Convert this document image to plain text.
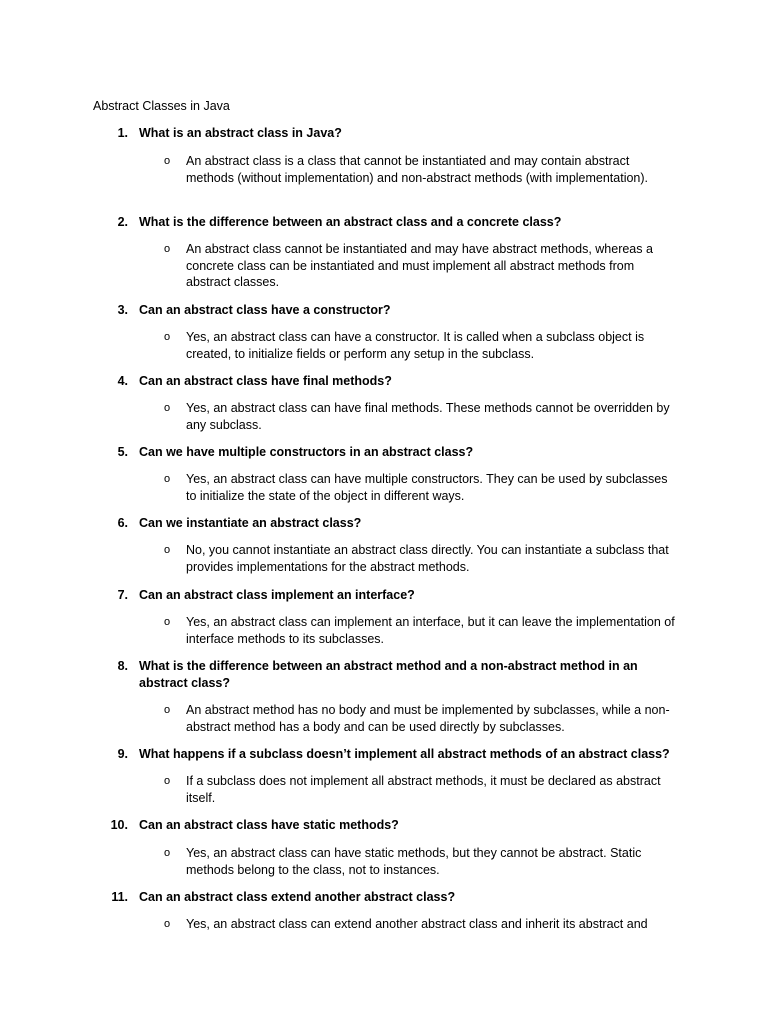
Abstract Classes in Java
1. What is an abstract class in Java?
o An abstract class is a class that cannot be instantiated and may contain abstract methods (without implementation) and non-abstract methods (with implementation).
2. What is the difference between an abstract class and a concrete class?
o An abstract class cannot be instantiated and may have abstract methods, whereas a concrete class can be instantiated and must implement all abstract methods from abstract classes.
3. Can an abstract class have a constructor?
o Yes, an abstract class can have a constructor. It is called when a subclass object is created, to initialize fields or perform any setup in the subclass.
4. Can an abstract class have final methods?
o Yes, an abstract class can have final methods. These methods cannot be overridden by any subclass.
5. Can we have multiple constructors in an abstract class?
o Yes, an abstract class can have multiple constructors. They can be used by subclasses to initialize the state of the object in different ways.
6. Can we instantiate an abstract class?
o No, you cannot instantiate an abstract class directly. You can instantiate a subclass that provides implementations for the abstract methods.
7. Can an abstract class implement an interface?
o Yes, an abstract class can implement an interface, but it can leave the implementation of interface methods to its subclasses.
8. What is the difference between an abstract method and a non-abstract method in an abstract class?
o An abstract method has no body and must be implemented by subclasses, while a non-abstract method has a body and can be used directly by subclasses.
9. What happens if a subclass doesn’t implement all abstract methods of an abstract class?
o If a subclass does not implement all abstract methods, it must be declared as abstract itself.
10. Can an abstract class have static methods?
o Yes, an abstract class can have static methods, but they cannot be abstract. Static methods belong to the class, not to instances.
11. Can an abstract class extend another abstract class?
o Yes, an abstract class can extend another abstract class and inherit its abstract and
